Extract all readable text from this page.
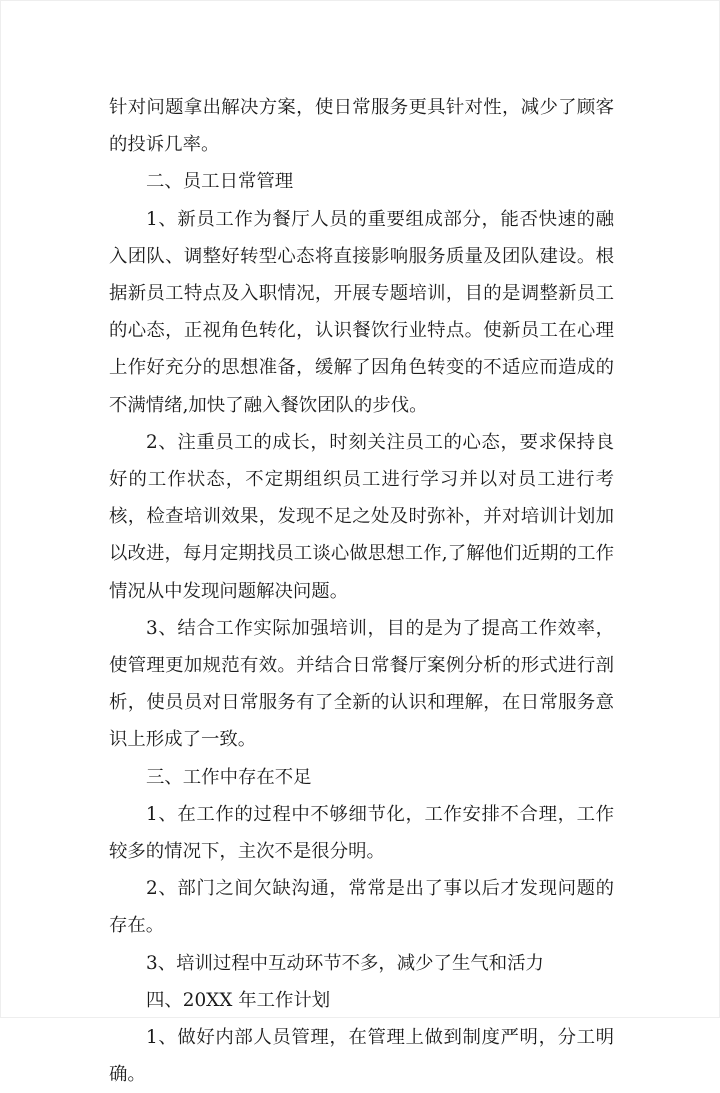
针对问题拿出解决方案，使日常服务更具针对性，减少了顾客的投诉几率。

二、员工日常管理

1、新员工作为餐厅人员的重要组成部分，能否快速的融入团队、调整好转型心态将直接影响服务质量及团队建设。根据新员工特点及入职情况，开展专题培训，目的是调整新员工的心态，正视角色转化，认识餐饮行业特点。使新员工在心理上作好充分的思想准备，缓解了因角色转变的不适应而造成的不满情绪,加快了融入餐饮团队的步伐。

2、注重员工的成长，时刻关注员工的心态，要求保持良好的工作状态，不定期组织员工进行学习并以对员工进行考核，检查培训效果，发现不足之处及时弥补，并对培训计划加以改进，每月定期找员工谈心做思想工作,了解他们近期的工作情况从中发现问题解决问题。

3、结合工作实际加强培训，目的是为了提高工作效率，使管理更加规范有效。并结合日常餐厅案例分析的形式进行剖析，使员员对日常服务有了全新的认识和理解，在日常服务意识上形成了一致。

三、工作中存在不足

1、在工作的过程中不够细节化，工作安排不合理，工作较多的情况下，主次不是很分明。

2、部门之间欠缺沟通，常常是出了事以后才发现问题的存在。

3、培训过程中互动环节不多，减少了生气和活力

四、20XX 年工作计划

1、做好内部人员管理，在管理上做到制度严明，分工明确。
